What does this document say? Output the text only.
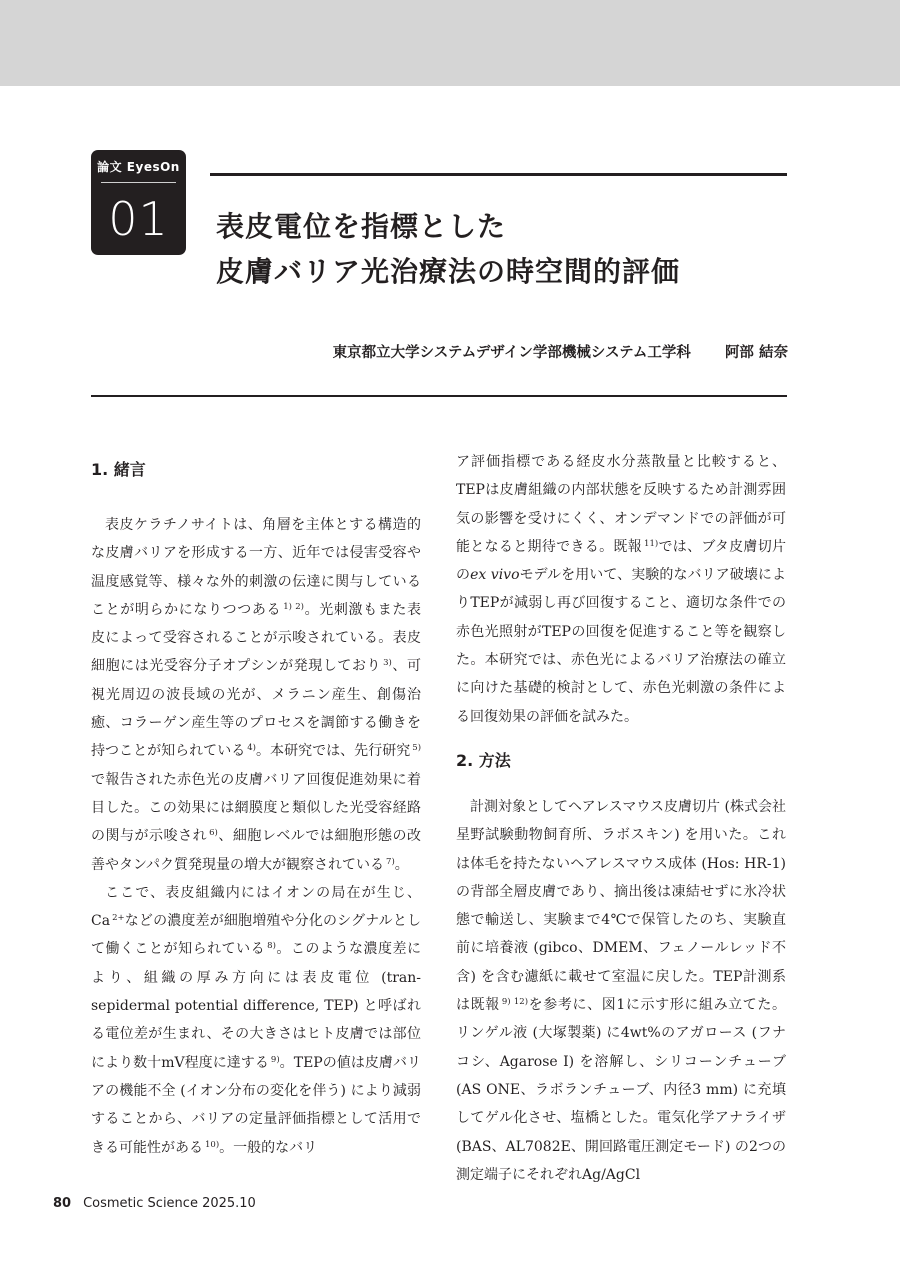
論文 EyesOn
01	表皮電位を指標とした
皮膚バリア光治療法の時空間的評価
東京都立大学システムデザイン学部機械システム工学科 阿部 結奈
1. 緒言

表皮ケラチノサイトは、角層を主体とする構造的な皮膚バリアを形成する一方、近年では侵害受容や温度感覚等、様々な外的刺激の伝達に関与していることが明らかになりつつある $^{1) 2)}$。光刺激もまた表皮によって受容されることが示唆されている。表皮細胞には光受容分子オプシンが発現しており $^{3)}$、可視光周辺の波長域の光が、メラニン産生、創傷治癒、コラーゲン産生等のプロセスを調節する働きを持つことが知られている $^{4)}$。本研究では、先行研究 $^{5)}$で報告された赤色光の皮膚バリア回復促進効果に着目した。この効果には網膜度と類似した光受容経路の関与が示唆され $^{6)}$、細胞レベルでは細胞形態の改善やタンパク質発現量の増大が観察されている $^{7)}$。

ここで、表皮組織内にはイオンの局在が生じ、Ca $^{2+}$などの濃度差が細胞増殖や分化のシグナルとして働くことが知られている $^{8)}$。このような濃度差により、組織の厚み方向には表皮電位 (tran-sepidermal potential difference, TEP) と呼ばれる電位差が生まれ、その大きさはヒト皮膚では部位により数十mV程度に達する $^{9)}$。TEPの値は皮膚バリアの機能不全 (イオン分布の変化を伴う) により減弱することから、バリアの定量評価指標として活用できる可能性がある $^{10)}$。一般的なバリ

ア評価指標である経皮水分蒸散量と比較すると、TEPは皮膚組織の内部状態を反映するため計測雰囲気の影響を受けにくく、オンデマンドでの評価が可能となると期待できる。既報 $^{11)}$では、ブタ皮膚切片のex vivoモデルを用いて、実験的なバリア破壊によりTEPが減弱し再び回復すること、適切な条件での赤色光照射がTEPの回復を促進すること等を観察した。本研究では、赤色光によるバリア治療法の確立に向けた基礎的検討として、赤色光刺激の条件による回復効果の評価を試みた。

2. 方法

計測対象としてヘアレスマウス皮膚切片 (株式会社星野試験動物飼育所、ラボスキン) を用いた。これは体毛を持たないヘアレスマウス成体 (Hos: HR-1) の背部全層皮膚であり、摘出後は凍結せずに氷冷状態で輸送し、実験まで4℃で保管したのち、実験直前に培養液 (gibco、DMEM、フェノールレッド不含) を含む濾紙に載せて室温に戻した。TEP計測系は既報 $^{9) 12)}$を参考に、図1に示す形に組み立てた。リンゲル液 (大塚製薬) に4wt%のアガロース (フナコシ、Agarose I) を溶解し、シリコーンチューブ (AS ONE、ラボランチューブ、内径3 mm) に充填してゲル化させ、塩橋とした。電気化学アナライザ (BAS、AL7082E、開回路電圧測定モード) の2つの測定端子にそれぞれAg/AgCl

80 Cosmetic Science 2025.10
